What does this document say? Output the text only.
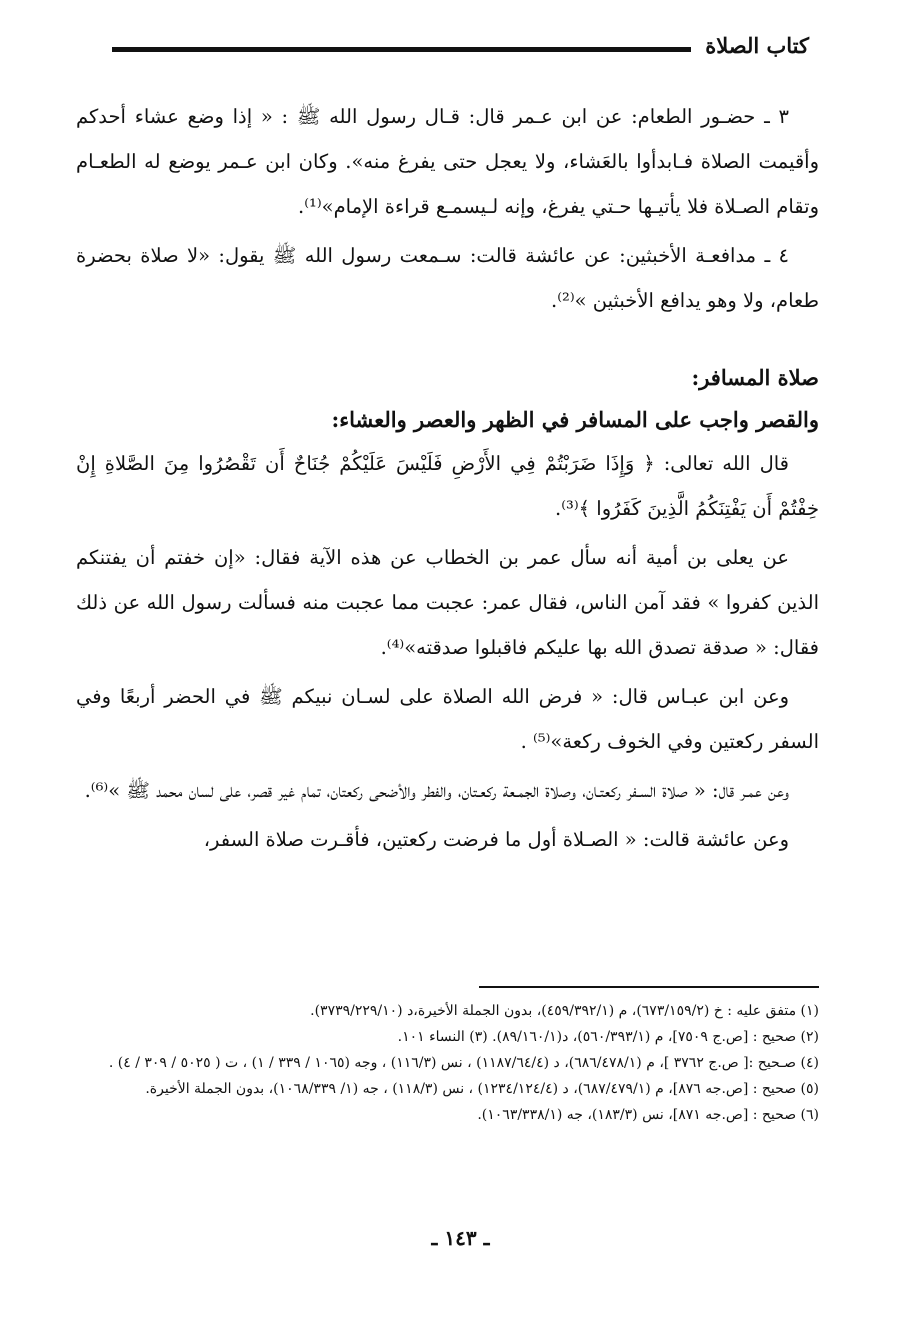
كتاب الصلاة

٣ ـ حضـور الطعام: عن ابن عـمر قال: قـال رسول الله ﷺ : « إذا وضع عشاء أحدكم وأقيمت الصلاة فـابدأوا بالعَشاء، ولا يعجل حتى يفرغ منه». وكان ابن عـمر يوضع له الطعـام وتقام الصـلاة فلا يأتيـها حـتي يفرغ، وإنه لـيسمـع قراءة الإمام»⁽¹⁾.

٤ ـ مدافعـة الأخبثين: عن عائشة قالت: سـمعت رسول الله ﷺ يقول: «لا صلاة بحضرة طعام، ولا وهو يدافع الأخبثين »⁽²⁾.

صلاة المسافر:
والقصر واجب على المسافر في الظهر والعصر والعشاء:

قال الله تعالى: ﴿ وَإِذَا ضَرَبْتُمْ فِي الأَرْضِ فَلَيْسَ عَلَيْكُمْ جُنَاحٌ أَن تَقْصُرُوا مِنَ الصَّلاةِ إِنْ خِفْتُمْ أَن يَفْتِنَكُمُ الَّذِينَ كَفَرُوا ﴾⁽³⁾.

عن يعلى بن أمية أنه سأل عمر بن الخطاب عن هذه الآية فقال: «إن خفتم أن يفتنكم الذين كفروا » فقد آمن الناس، فقال عمر: عجبت مما عجبت منه فسألت رسول الله عن ذلك فقال: « صدقة تصدق الله بها عليكم فاقبلوا صدقته»⁽⁴⁾.

وعن ابن عبـاس قال: « فرض الله الصلاة على لسـان نبيكم ﷺ في الحضر أربعًا وفي السفر ركعتين وفي الخوف ركعة»⁽⁵⁾ .

وعن عمـر قال: « صلاة السـفر ركعتـان، وصلاة الجمـعة ركعـتان، والفطر والأضحى ركعتان، تمام غير قصر، على لسان محمد ﷺ »⁽⁶⁾.

وعن عائشة قالت: « الصـلاة أول ما فرضت ركعتين، فأقـرت صلاة السفر،

(١) متفق عليه : خ (٦٧٣/١٥٩/٢)، م (٤٥٩/٣٩٢/١)، بدون الجملة الأخيرة،د (٣٧٣٩/٢٢٩/١٠).
(٢) صحيح : [ص.ج ٧٥٠٩]، م (٥٦٠/٣٩٣/١)، د(٨٩/١٦٠/١). (٣) النساء ١٠١.
(٤) صـحيح :[ ص.ج ٣٧٦٢ ]، م (٦٨٦/٤٧٨/١)، د (١١٨٧/٦٤/٤) ، نس (١١٦/٣) ، وجه (١٠٦٥ / ٣٣٩ / ١) ، ت ( ٥٠٢٥ / ٣٠٩ / ٤) .
(٥) صحيح : [ص.جه ٨٧٦]، م (٦٨٧/٤٧٩/١)، د (١٢٣٤/١٢٤/٤) ، نس (١١٨/٣) ، جه (١/ ١٠٦٨/٣٣٩)، بدون الجملة الأخيرة.
(٦) صحيح : [ص.جه ٨٧١]، نس (١٨٣/٣)، جه (١٠٦٣/٣٣٨/١).
ـ ١٤٣ ـ
